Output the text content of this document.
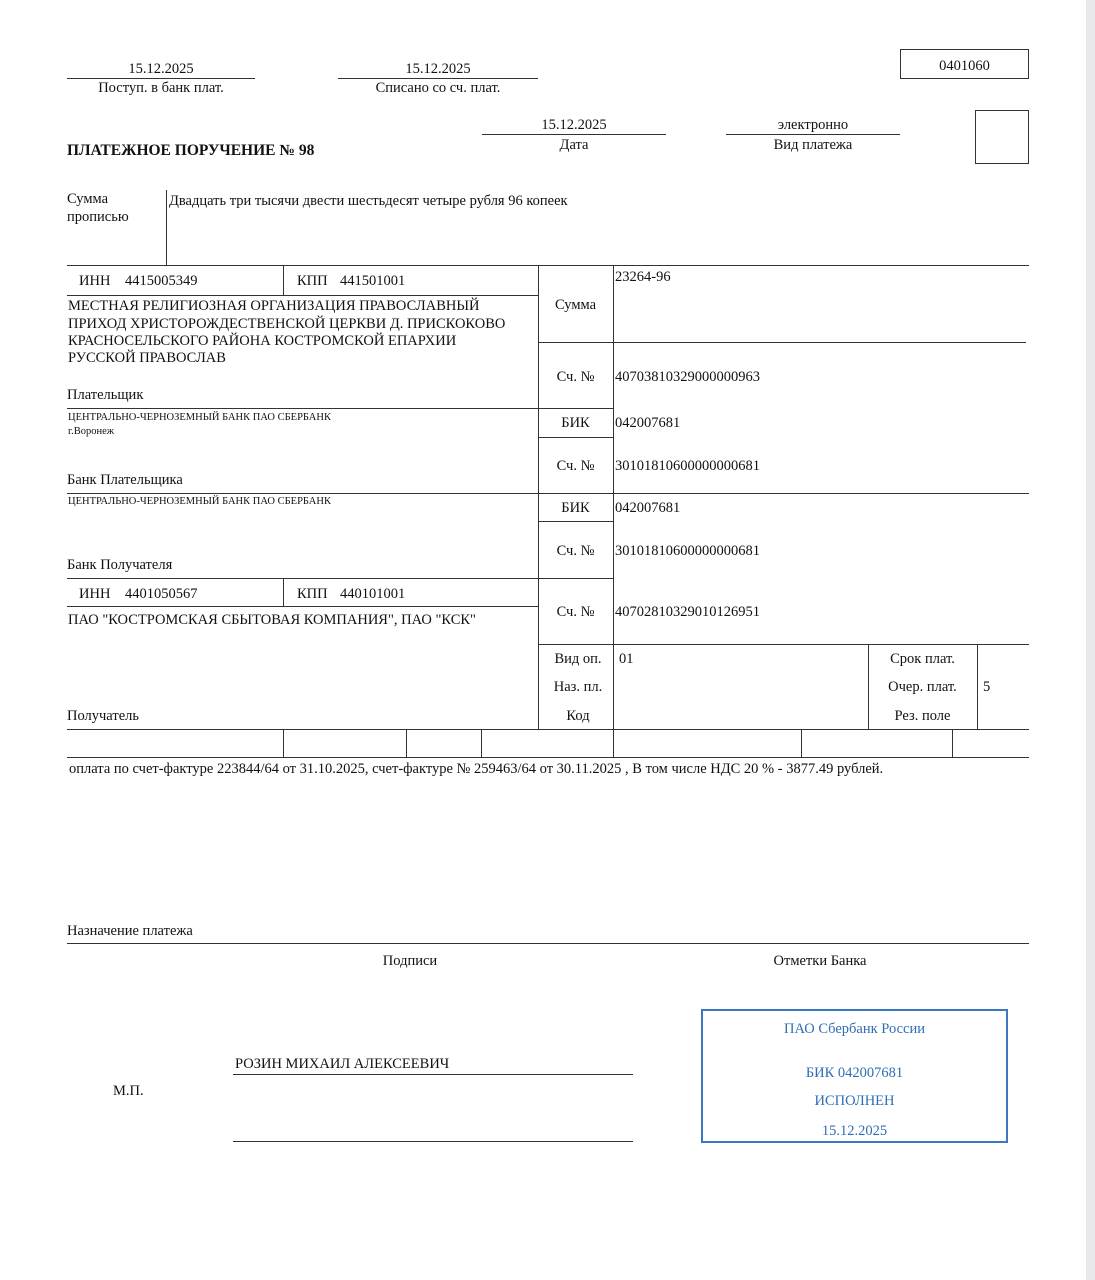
15.12.2025
Поступ. в банк плат.
15.12.2025
Списано со сч. плат.
0401060
ПЛАТЕЖНОЕ ПОРУЧЕНИЕ № 98
15.12.2025
Дата
электронно
Вид платежа
Сумма
прописью
Двадцать три тысячи двести шестьдесят четыре рубля 96 копеек
ИНН 4415005349	КПП 441501001
МЕСТНАЯ РЕЛИГИОЗНАЯ ОРГАНИЗАЦИЯ ПРАВОСЛАВНЫЙ
ПРИХОД ХРИСТОРОЖДЕСТВЕНСКОЙ ЦЕРКВИ Д. ПРИСКОКОВО
КРАСНОСЕЛЬСКОГО РАЙОНА КОСТРОМСКОЙ ЕПАРХИИ
РУССКОЙ ПРАВОСЛАВ
Плательщик
Сумма
23264-96
Сч. №	40703810329000000963
ЦЕНТРАЛЬНО-ЧЕРНОЗЕМНЫЙ БАНК ПАО СБЕРБАНК
г.Воронеж
Банк Плательщика
БИК	042007681
Сч. №	30101810600000000681
ЦЕНТРАЛЬНО-ЧЕРНОЗЕМНЫЙ БАНК ПАО СБЕРБАНК
Банк Получателя
БИК	042007681
Сч. №	30101810600000000681
ИНН 4401050567	КПП 440101001
ПАО "КОСТРОМСКАЯ СБЫТОВАЯ КОМПАНИЯ", ПАО "КСК"
Получатель
Сч. №	40702810329010126951
Вид оп.	01
Наз. пл.
Код
Срок плат.
Очер. плат.	5
Рез. поле
оплата по счет-фактуре 223844/64 от 31.10.2025, счет-фактуре № 259463/64 от 30.11.2025 , В том числе НДС 20 % - 3877.49 рублей.
Назначение платежа
Подписи	Отметки Банка
РОЗИН МИХАИЛ АЛЕКСЕЕВИЧ
М.П.
ПАО Сбербанк России
БИК 042007681
ИСПОЛНЕН
15.12.2025
